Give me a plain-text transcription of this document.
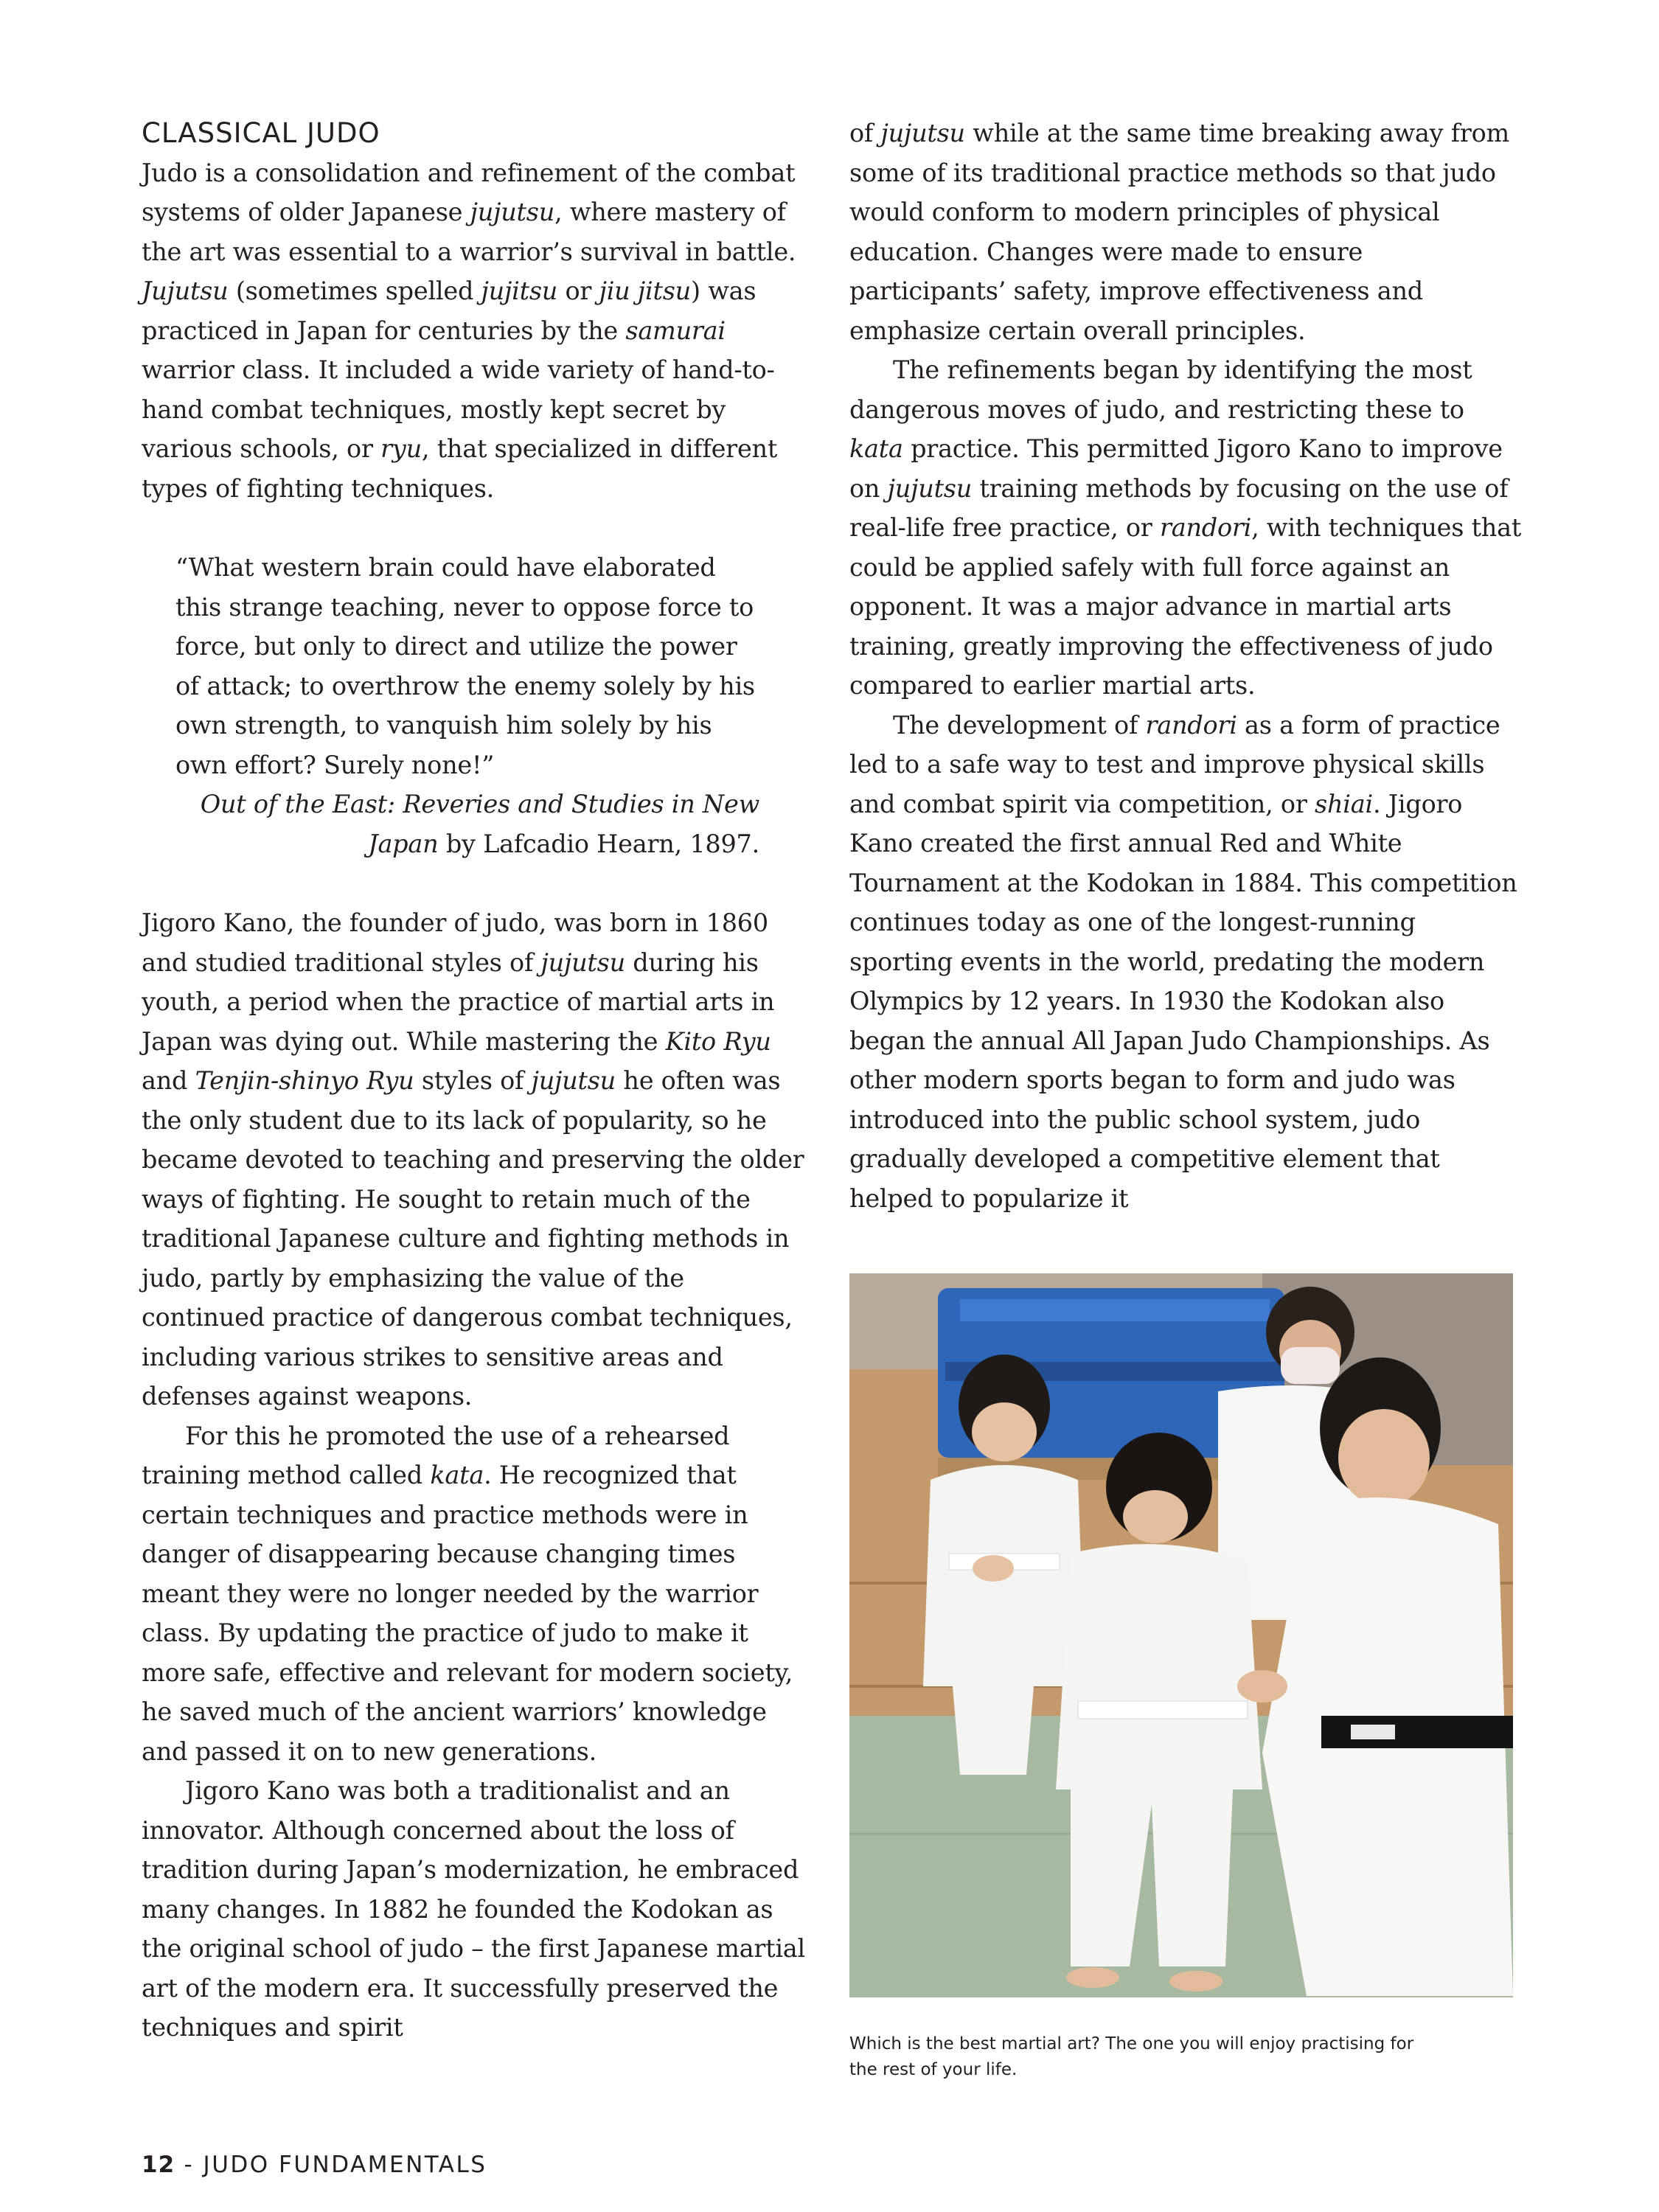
CLASSICAL JUDO

Judo is a consolidation and refinement of the combat systems of older Japanese jujutsu, where mastery of the art was essential to a warrior’s survival in battle. Jujutsu (sometimes spelled jujitsu or jiu jitsu) was practiced in Japan for centuries by the samurai warrior class. It included a wide variety of hand-to-hand combat techniques, mostly kept secret by various schools, or ryu, that specialized in different types of fighting techniques.

“What western brain could have elaborated this strange teaching, never to oppose force to force, but only to direct and utilize the power of attack; to overthrow the enemy solely by his own strength, to vanquish him solely by his own effort? Surely none!”

Out of the East: Reveries and Studies in New Japan by Lafcadio Hearn, 1897.

Jigoro Kano, the founder of judo, was born in 1860 and studied traditional styles of jujutsu during his youth, a period when the practice of martial arts in Japan was dying out. While mastering the Kito Ryu and Tenjin-shinyo Ryu styles of jujutsu he often was the only student due to its lack of popularity, so he became devoted to teaching and preserving the older ways of fighting. He sought to retain much of the traditional Japanese culture and fighting methods in judo, partly by emphasizing the value of the continued practice of dangerous combat techniques, including various strikes to sensitive areas and defenses against weapons.

For this he promoted the use of a rehearsed training method called kata. He recognized that certain techniques and practice methods were in danger of disappearing because changing times meant they were no longer needed by the warrior class. By updating the practice of judo to make it more safe, effective and relevant for modern society, he saved much of the ancient warriors’ knowledge and passed it on to new generations.

Jigoro Kano was both a traditionalist and an innovator. Although concerned about the loss of tradition during Japan’s modernization, he embraced many changes. In 1882 he founded the Kodokan as the original school of judo – the first Japanese martial art of the modern era. It successfully preserved the techniques and spirit

of jujutsu while at the same time breaking away from some of its traditional practice methods so that judo would conform to modern principles of physical education. Changes were made to ensure participants’ safety, improve effectiveness and emphasize certain overall principles.

The refinements began by identifying the most dangerous moves of judo, and restricting these to kata practice. This permitted Jigoro Kano to improve on jujutsu training methods by focusing on the use of real-life free practice, or randori, with techniques that could be applied safely with full force against an opponent. It was a major advance in martial arts training, greatly improving the effectiveness of judo compared to earlier martial arts.

The development of randori as a form of practice led to a safe way to test and improve physical skills and combat spirit via competition, or shiai. Jigoro Kano created the first annual Red and White Tournament at the Kodokan in 1884. This competition continues today as one of the longest-running sporting events in the world, predating the modern Olympics by 12 years. In 1930 the Kodokan also began the annual All Japan Judo Championships. As other modern sports began to form and judo was introduced into the public school system, judo gradually developed a competitive element that helped to popularize it

Which is the best martial art? The one you will enjoy practising for the rest of your life.
12 - JUDO FUNDAMENTALS
